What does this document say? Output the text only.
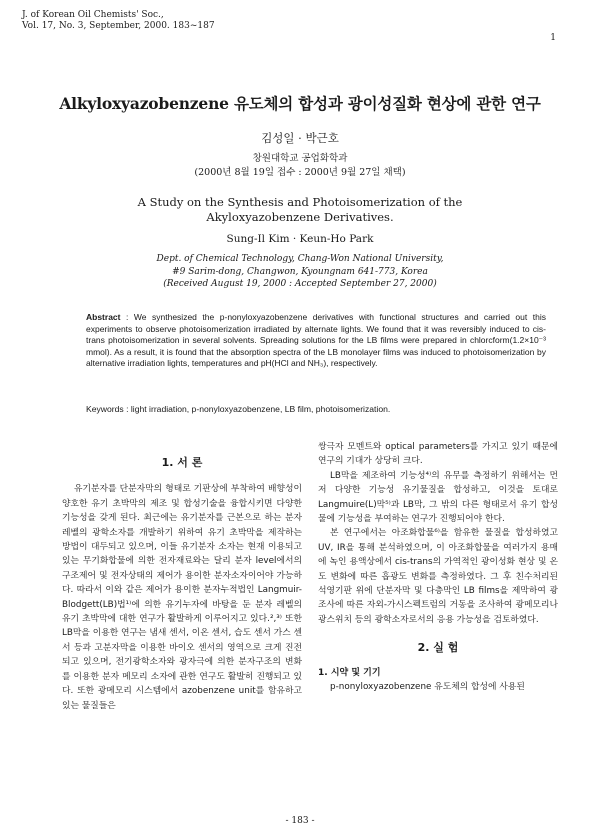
J. of Korean Oil Chemists' Soc.,
Vol. 17, No. 3, September, 2000. 183~187
1
Alkyloxyazobenzene 유도체의 합성과 광이성질화 현상에 관한 연구
김성일 · 박근호
창원대학교 공업화학과
(2000년 8월 19일 접수 : 2000년 9월 27일 채택)
A Study on the Synthesis and Photoisomerization of the
Akyloxyazobenzene Derivatives.
Sung-Il Kim · Keun-Ho Park
Dept. of Chemical Technology, Chang-Won National University,
#9 Sarim-dong, Changwon, Kyoungnam 641-773, Korea
(Received August 19, 2000 : Accepted September 27, 2000)
Abstract : We synthesized the p-nonyloxyazobenzene derivatives with functional structures and carried out this experiments to observe photoisomerization irradiated by alternate lights. We found that it was reversibly induced to cis-trans photoisomerization in several solvents. Spreading solutions for the LB films were prepared in chlorcform(1.2×10⁻³ mmol). As a result, it is found that the absorption spectra of the LB monolayer films was induced to photoisomerization by alternative irradiation lights, temperatures and pH(HCl and NH₃), respectively.
Keywords : light irradiation, p-nonyloxyazobenzene, LB film, photoisomerization.
1. 서 론

유기분자를 단분자막의 형태로 기판상에 부착하여 배향성이 양호한 유기 초박막의 제조 및 합성기술을 융합시키면 다양한 기능성을 갖게 된다. 최근에는 유기분자를 근본으로 하는 분자 레벨의 광학소자를 개발하기 위하여 유기 초박막을 제작하는 방법이 대두되고 있으며, 이들 유기분자 소자는 현재 이용되고 있는 무기화합물에 의한 전자재료와는 달리 분자 level에서의 구조제어 및 전자상태의 제어가 용이한 분자소자이어야 가능하다. 따라서 이와 같은 제어가 용이한 분자누적법인 Langmuir-Blodgett(LB)법¹⁾에 의한 유기누자에 바탕을 둔 분자 레벨의 유기 초박막에 대한 연구가 활발하게 이루어지고 있다.²,³⁾ 또한 LB막을 이용한 연구는 냄새 센서, 이온 센서, 습도 센서 가스 센서 등과 고분자막을 이용한 바이오 센서의 영역으로 크게 진전되고 있으며, 전기광학소자와 광자극에 의한 분자구조의 변화를 이용한 분자 메모리 소자에 관한 연구도 활발히 진행되고 있다. 또한 광메모리 시스템에서 azobenzene unit를 함유하고 있는 물질들은

쌍극자 모멘트와 optical parameters를 가지고 있기 때문에 연구의 기대가 상당히 크다.

LB막을 제조하여 기능성⁴⁾의 유무를 측정하기 위해서는 먼저 다양한 기능성 유기물질을 합성하고, 이것을 토대로 Langmuire(L)막⁵⁾과 LB막, 그 밖의 다른 형태로서 유기 합성물에 기능성을 부여하는 연구가 진행되어야 한다.

본 연구에서는 아조화합물⁶⁾을 함유한 물질을 합성하였고 UV, IR을 통해 분석하였으며, 이 아조화합물을 여러가지 용매에 녹인 용액상에서 cis-trans의 가역적인 광이성화 현상 및 온도 변화에 따른 흡광도 변화를 측정하였다. 그 후 친수처리된 석영기판 위에 단분자막 및 다층막인 LB films을 제막하여 광조사에 따른 자외-가시스펙트럼의 거동을 조사하여 광메모리나 광스위치 등의 광학소자로서의 응용 가능성을 검토하였다.

2. 실 험
1. 시약 및 기기

p-nonyloxyazobenzene 유도체의 합성에 사용된

- 183 -
